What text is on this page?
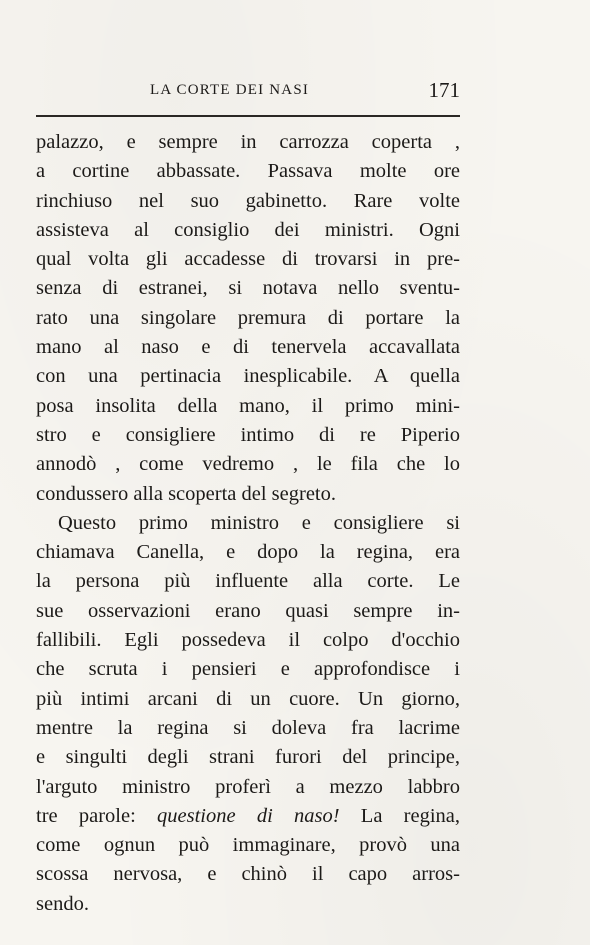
LA CORTE DEI NASI	171
palazzo, e sempre in carrozza coperta ,
a cortine abbassate. Passava molte ore
rinchiuso nel suo gabinetto. Rare volte
assisteva al consiglio dei ministri. Ogni
qual volta gli accadesse di trovarsi in pre-
senza di estranei, si notava nello sventu-
rato una singolare premura di portare la
mano al naso e di tenervela accavallata
con una pertinacia inesplicabile. A quella
posa insolita della mano, il primo mini-
stro e consigliere intimo di re Piperio
annodò , come vedremo , le fila che lo
condussero alla scoperta del segreto.
Questo primo ministro e consigliere si
chiamava Canella, e dopo la regina, era
la persona più influente alla corte. Le
sue osservazioni erano quasi sempre in-
fallibili. Egli possedeva il colpo d'occhio
che scruta i pensieri e approfondisce i
più intimi arcani di un cuore. Un giorno,
mentre la regina si doleva fra lacrime
e singulti degli strani furori del principe,
l'arguto ministro proferì a mezzo labbro
tre parole: questione di naso! La regina,
come ognun può immaginare, provò una
scossa nervosa, e chinò il capo arros-
sendo.
